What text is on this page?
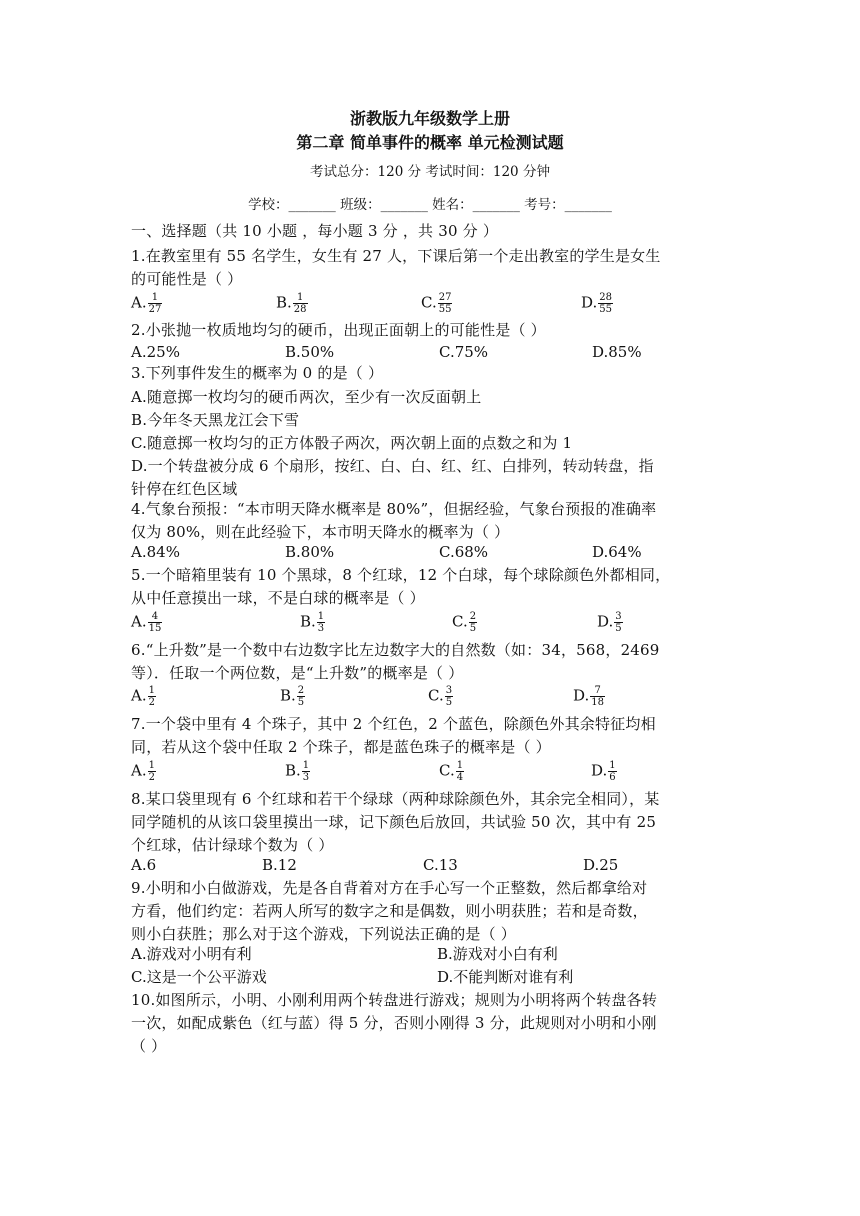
浙教版九年级数学上册
第二章 简单事件的概率 单元检测试题
考试总分：120 分 考试时间：120 分钟
学校：_______ 班级：_______ 姓名：_______ 考号：_______
一、选择题（共 10 小题 ，每小题 3 分 ，共 30 分 ）
1.在教室里有 55 名学生，女生有 27 人，下课后第一个走出教室的学生是女生
的可能性是（ ）
A. $\frac{1}{27}$	B. $\frac{1}{28}$	C. $\frac{27}{55}$	D. $\frac{28}{55}$
2.小张抛一枚质地均匀的硬币，出现正面朝上的可能性是（ ）
A.25%	B.50%	C.75%	D.85%
3.下列事件发生的概率为 0 的是（ ）
A.随意掷一枚均匀的硬币两次，至少有一次反面朝上
B.今年冬天黑龙江会下雪
C.随意掷一枚均匀的正方体骰子两次，两次朝上面的点数之和为 1
D.一个转盘被分成 6 个扇形，按红、白、白、红、红、白排列，转动转盘，指
针停在红色区域
4.气象台预报：“本市明天降水概率是 80%”，但据经验，气象台预报的准确率
仅为 80%，则在此经验下，本市明天降水的概率为（ ）
A.84%	B.80%	C.68%	D.64%
5.一个暗箱里装有 10 个黑球，8 个红球，12 个白球，每个球除颜色外都相同，
从中任意摸出一球，不是白球的概率是（ ）
A. $\frac{4}{15}$	B. $\frac{1}{3}$	C. $\frac{2}{5}$	D. $\frac{3}{5}$
6.“上升数”是一个数中右边数字比左边数字大的自然数（如：34，568，2469
等）．任取一个两位数，是“上升数”的概率是（ ）
A. $\frac{1}{2}$	B. $\frac{2}{5}$	C. $\frac{3}{5}$	D. $\frac{7}{18}$
7.一个袋中里有 4 个珠子，其中 2 个红色，2 个蓝色，除颜色外其余特征均相
同，若从这个袋中任取 2 个珠子，都是蓝色珠子的概率是（ ）
A. $\frac{1}{2}$	B. $\frac{1}{3}$	C. $\frac{1}{4}$	D. $\frac{1}{6}$
8.某口袋里现有 6 个红球和若干个绿球（两种球除颜色外，其余完全相同），某
同学随机的从该口袋里摸出一球，记下颜色后放回，共试验 50 次，其中有 25
个红球，估计绿球个数为（ ）
A.6	B.12	C.13	D.25
9.小明和小白做游戏，先是各自背着对方在手心写一个正整数，然后都拿给对
方看，他们约定：若两人所写的数字之和是偶数，则小明获胜；若和是奇数，
则小白获胜；那么对于这个游戏，下列说法正确的是（ ）
A.游戏对小明有利	B.游戏对小白有利
C.这是一个公平游戏	D.不能判断对谁有利
10.如图所示，小明、小刚利用两个转盘进行游戏；规则为小明将两个转盘各转
一次，如配成紫色（红与蓝）得 5 分，否则小刚得 3 分，此规则对小明和小刚
（ ）
